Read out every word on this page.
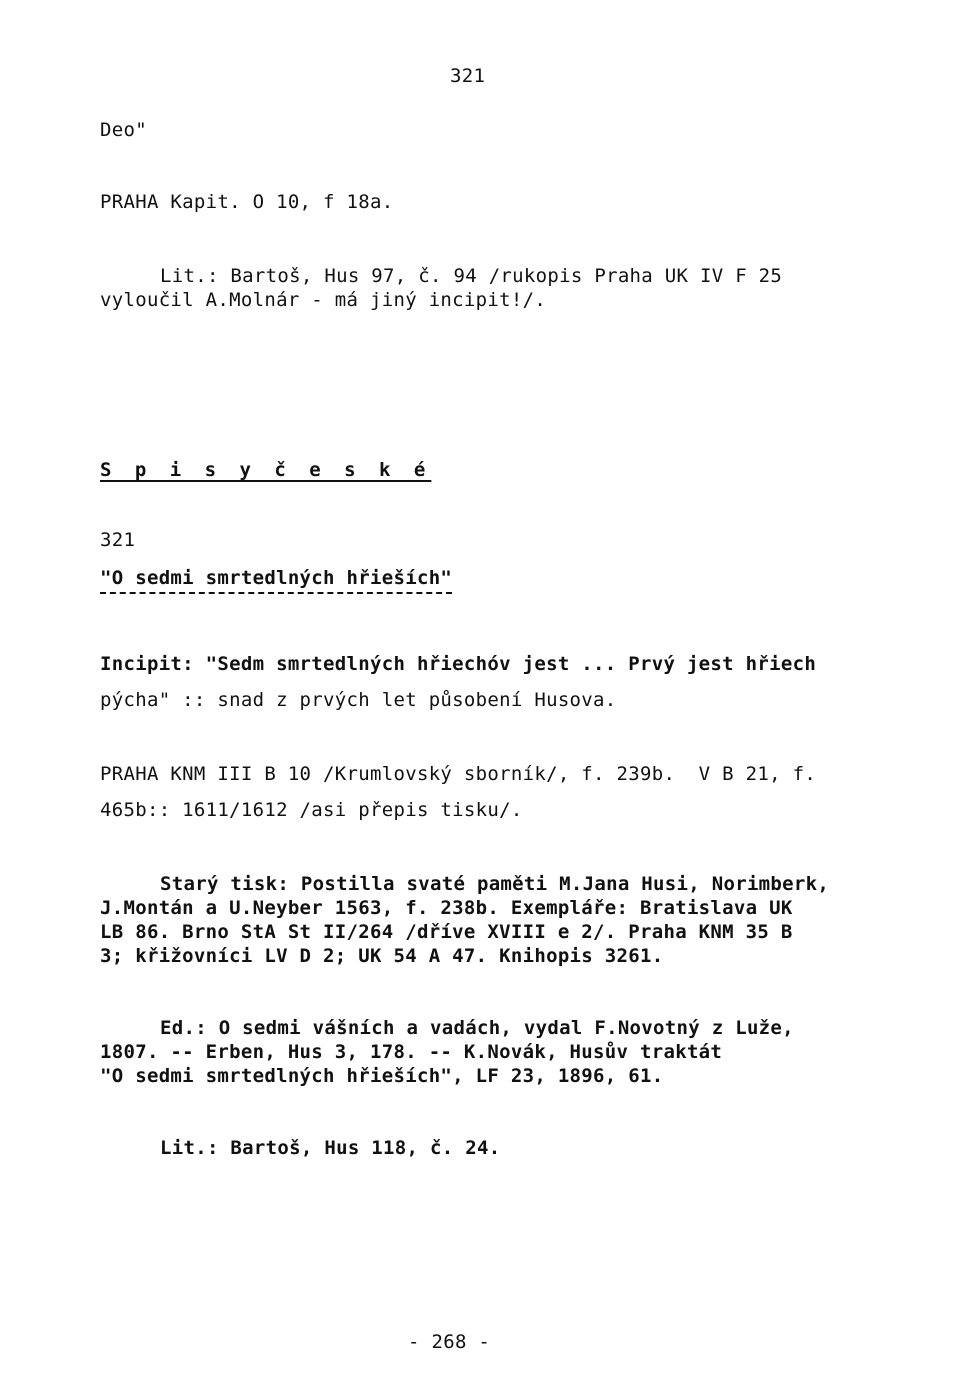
321
Deo"
PRAHA Kapit. O 10, f 18a.
Lit.: Bartoš, Hus 97, č. 94 /rukopis Praha UK IV F 25
vyloučil A.Molnár - má jiný incipit!/.
S p i s y č e s k é
321
"O sedmi smrtedlných hřieších"
Incipit: "Sedm smrtedlných hřiechóv jest ... Prvý jest hřiech
pýcha" :: snad z prvých let působení Husova.
PRAHA KNM III B 10 /Krumlovský sborník/, f. 239b.  V B 21, f.
465b:: 1611/1612 /asi přepis tisku/.
Starý tisk: Postilla svaté paměti M.Jana Husi, Norimberk,
J.Montán a U.Neyber 1563, f. 238b. Exempláře: Bratislava UK
LB 86. Brno StA St II/264 /dříve XVIII e 2/. Praha KNM 35 B
3; křižovníci LV D 2; UK 54 A 47. Knihopis 3261.
Ed.: O sedmi vášních a vadách, vydal F.Novotný z Luže,
1807. -- Erben, Hus 3, 178. -- K.Novák, Husův traktát
"O sedmi smrtedlných hřieších", LF 23, 1896, 61.
Lit.: Bartoš, Hus 118, č. 24.
- 268 -
